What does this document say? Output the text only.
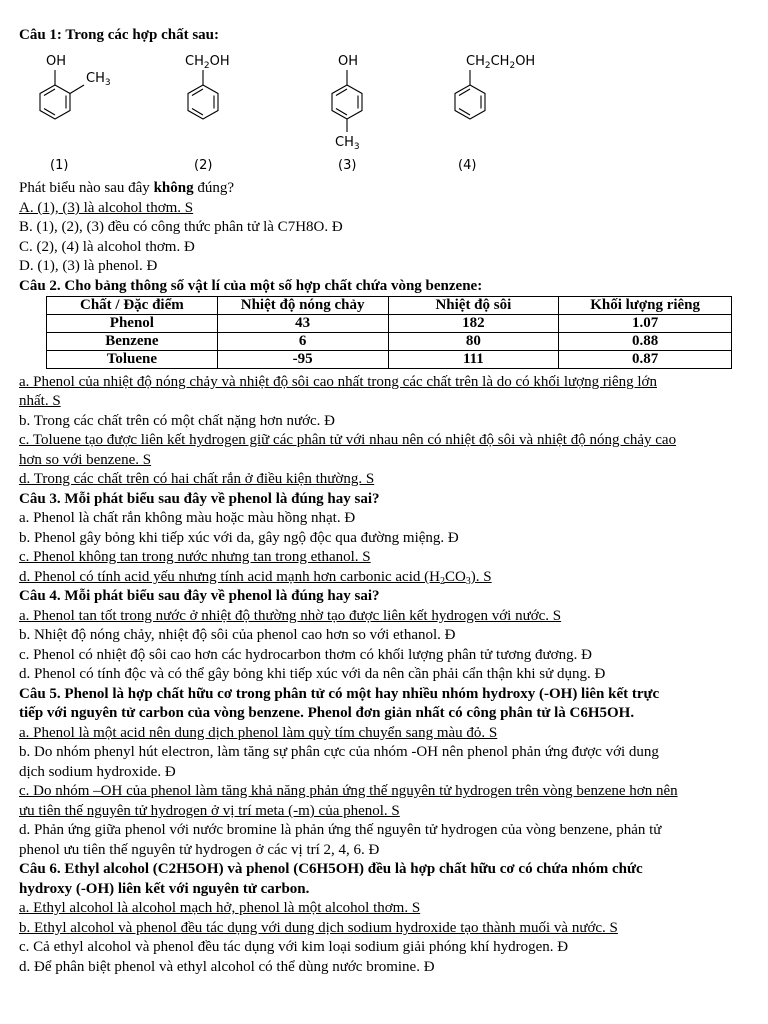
Câu 1: Trong các hợp chất sau:
OH
$CH_3$
$CH_2OH$	OH
$CH_3$
$CH_2CH_2OH$
(1)	(2)	(3)	(4)
Phát biểu nào sau đây không đúng?
A. (1), (3) là alcohol thơm. S
B. (1), (2), (3) đều có công thức phân tử là C7H8O. Đ
C. (2), (4) là alcohol thơm. Đ
D. (1), (3) là phenol. Đ
Câu 2. Cho bảng thông số vật lí của một số hợp chất chứa vòng benzene:
Chất / Đặc điểm	Nhiệt độ nóng chảy	Nhiệt độ sôi	Khối lượng riêng
Phenol	43	182	1.07
Benzene	6	80	0.88
Toluene	-95	111	0.87
a. Phenol của nhiệt độ nóng chảy và nhiệt độ sôi cao nhất trong các chất trên là do có khối lượng riêng lớn
nhất. S
b. Trong các chất trên có một chất nặng hơn nước. Đ
c. Toluene tạo được liên kết hydrogen giữ các phân tử với nhau nên có nhiệt độ sôi và nhiệt độ nóng chảy cao
hơn so với benzene. S
d. Trong các chất trên có hai chất rắn ở điều kiện thường. S
Câu 3. Mỗi phát biểu sau đây về phenol là đúng hay sai?
a. Phenol là chất rắn không màu hoặc màu hồng nhạt. Đ
b. Phenol gây bỏng khi tiếp xúc với da, gây ngộ độc qua đường miệng. Đ
c. Phenol không tan trong nước nhưng tan trong ethanol. S
d. Phenol có tính acid yếu nhưng tính acid mạnh hơn carbonic acid $(H_2CO_3)$. S
Câu 4. Mỗi phát biểu sau đây về phenol là đúng hay sai?
a. Phenol tan tốt trong nước ở nhiệt độ thường nhờ tạo được liên kết hydrogen với nước. S
b. Nhiệt độ nóng chảy, nhiệt độ sôi của phenol cao hơn so với ethanol. Đ
c. Phenol có nhiệt độ sôi cao hơn các hydrocarbon thơm có khối lượng phân tử tương đương. Đ
d. Phenol có tính độc và có thể gây bỏng khi tiếp xúc với da nên cần phải cẩn thận khi sử dụng. Đ
Câu 5. Phenol là hợp chất hữu cơ trong phân tử có một hay nhiều nhóm hydroxy (-OH) liên kết trực
tiếp với nguyên tử carbon của vòng benzene. Phenol đơn giản nhất có công phân tử là C6H5OH.
a. Phenol là một acid nên dung dịch phenol làm quỳ tím chuyển sang màu đỏ. S
b. Do nhóm phenyl hút electron, làm tăng sự phân cực của nhóm -OH nên phenol phản ứng được với dung
dịch sodium hydroxide. Đ
c. Do nhóm –OH của phenol làm tăng khả năng phản ứng thế nguyên tử hydrogen trên vòng benzene hơn nên
ưu tiên thế nguyên tử hydrogen ở vị trí meta (-m) của phenol. S
d. Phản ứng giữa phenol với nước bromine là phản ứng thế nguyên tử hydrogen của vòng benzene, phản tử
phenol ưu tiên thế nguyên tử hydrogen ở các vị trí 2, 4, 6. Đ
Câu 6. Ethyl alcohol (C2H5OH) và phenol (C6H5OH) đều là hợp chất hữu cơ có chứa nhóm chức
hydroxy (-OH) liên kết với nguyên tử carbon.
a. Ethyl alcohol là alcohol mạch hở, phenol là một alcohol thơm. S
b. Ethyl alcohol và phenol đều tác dụng với dung dịch sodium hydroxide tạo thành muối và nước. S
c. Cả ethyl alcohol và phenol đều tác dụng với kim loại sodium giải phóng khí hydrogen. Đ
d. Để phân biệt phenol và ethyl alcohol có thể dùng nước bromine. Đ
